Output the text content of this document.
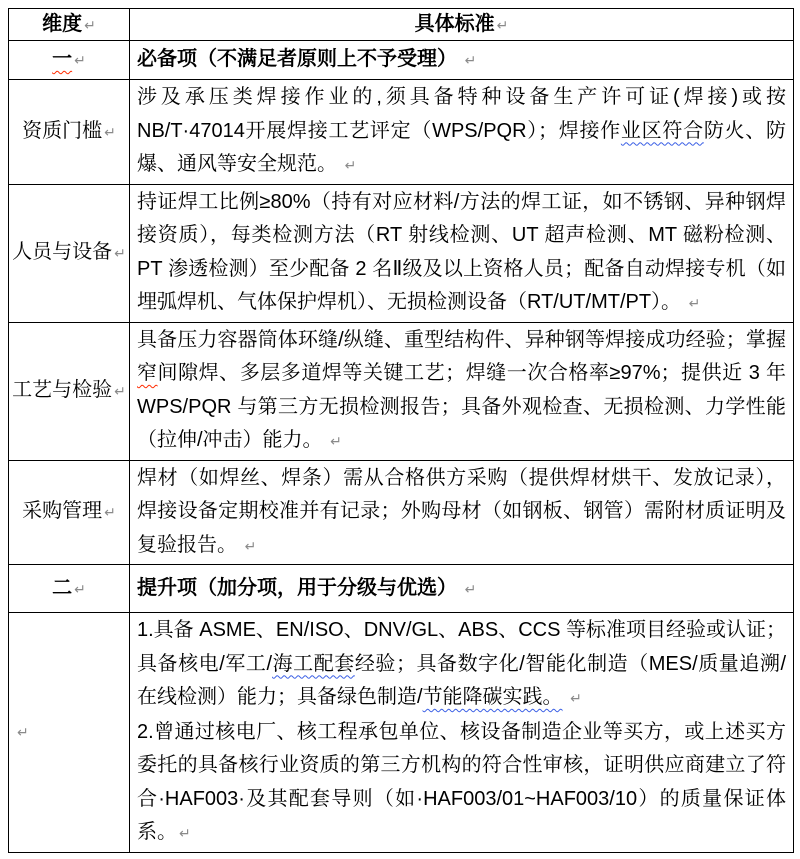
维度 ↵	具体标准 ↵

一 ↵	必备项（不满足者原则上不予受理） ↵

资质门槛 ↵	涉及承压类焊接作业的,须具备特种设备生产许可证(焊接)或按 NB/T·47014开展焊接工艺评定（WPS/PQR）；焊接作业区符合防火、防爆、通风等安全规范。 ↵

人员与设备 ↵	持证焊工比例≥80%（持有对应材料/方法的焊工证，如不锈钢、异种钢焊接资质），每类检测方法（RT 射线检测、UT 超声检测、MT 磁粉检测、PT 渗透检测）至少配备 2 名Ⅱ级及以上资格人员；配备自动焊接专机（如埋弧焊机、气体保护焊机）、无损检测设备（RT/UT/MT/PT）。 ↵

工艺与检验 ↵	具备压力容器筒体环缝/纵缝、重型结构件、异种钢等焊接成功经验；掌握窄间隙焊、多层多道焊等关键工艺；焊缝一次合格率≥97%；提供近 3 年 WPS/PQR 与第三方无损检测报告；具备外观检查、无损检测、力学性能（拉伸/冲击）能力。 ↵

采购管理 ↵	焊材（如焊丝、焊条）需从合格供方采购（提供焊材烘干、发放记录），焊接设备定期校准并有记录；外购母材（如钢板、钢管）需附材质证明及复验报告。 ↵

二 ↵	提升项（加分项，用于分级与优选） ↵

↵	1.具备 ASME、EN/ISO、DNV/GL、ABS、CCS 等标准项目经验或认证；具备核电/军工/海工配套经验；具备数字化/智能化制造（MES/质量追溯/在线检测）能力；具备绿色制造/节能降碳实践。 ↵
2.曾通过核电厂、核工程承包单位、核设备制造企业等买方，或上述买方委托的具备核行业资质的第三方机构的符合性审核，证明供应商建立了符合·HAF003·及其配套导则（如·HAF003/01~HAF003/10）的质量保证体系。 ↵
